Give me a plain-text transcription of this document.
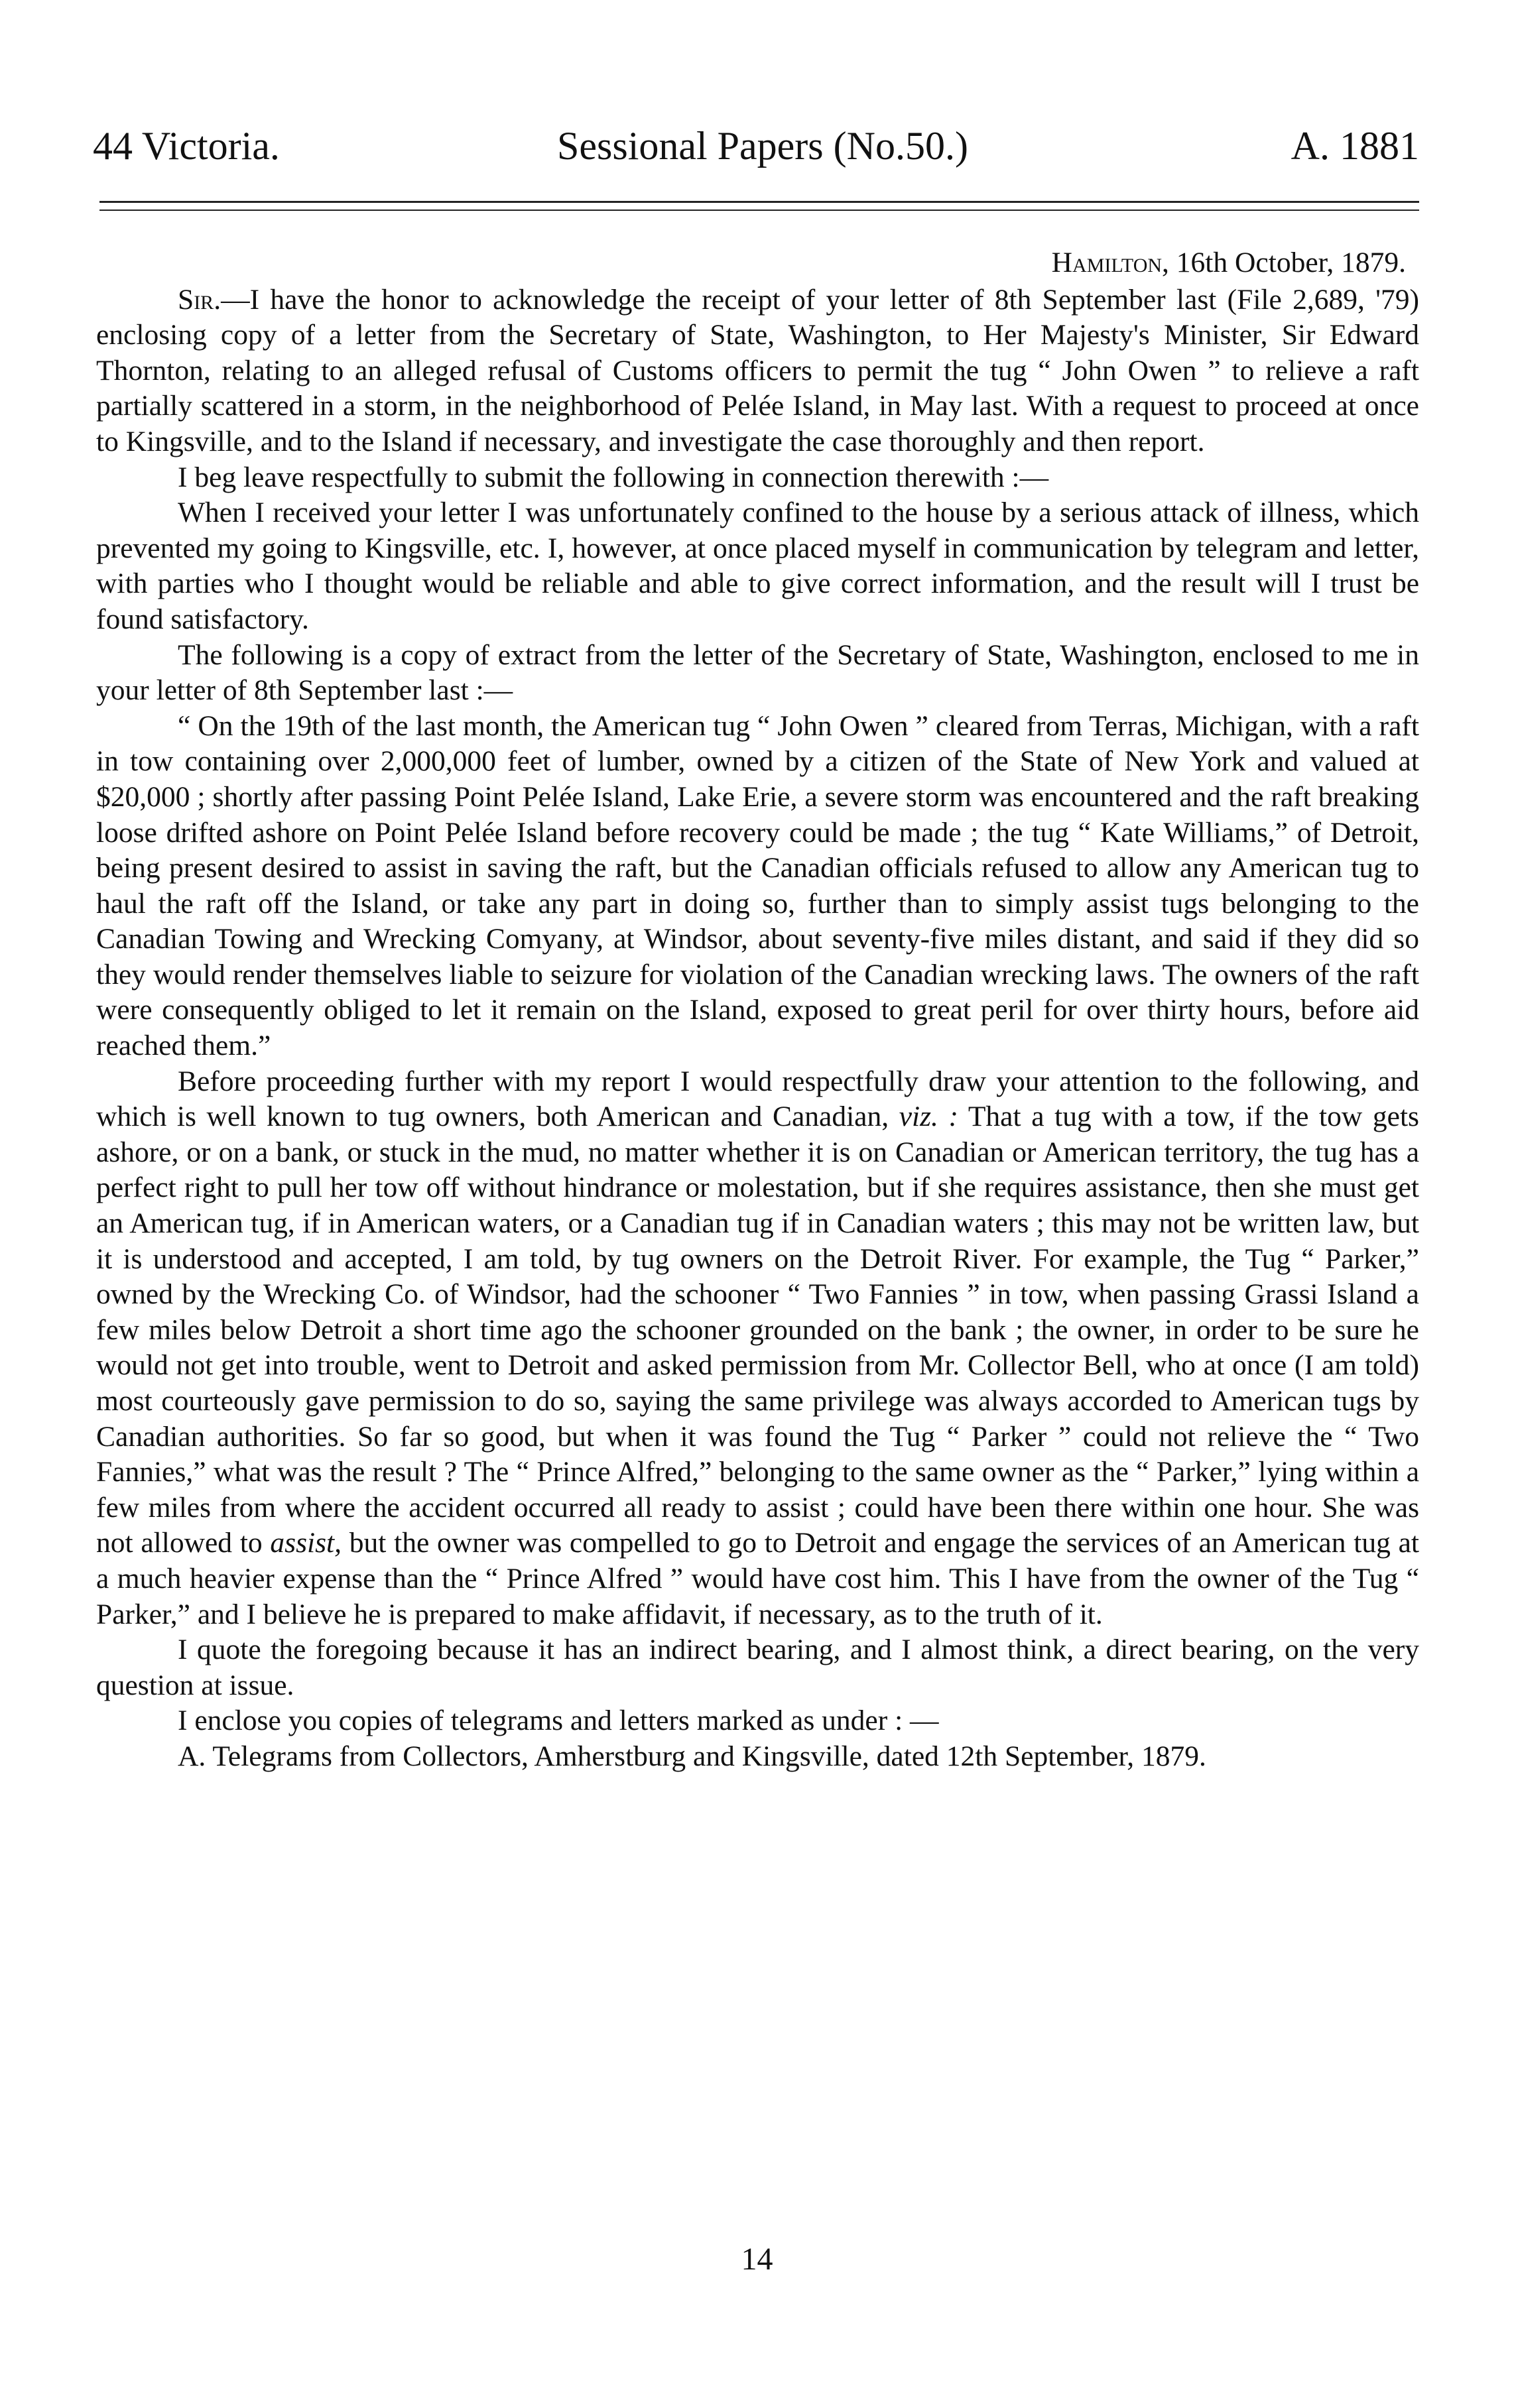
44 Victoria.	Sessional Papers (No.50.)	A. 1881

Hamilton, 16th October, 1879.

Sir.—I have the honor to acknowledge the receipt of your letter of 8th September last (File 2,689, '79) enclosing copy of a letter from the Secretary of State, Washington, to Her Majesty's Minister, Sir Edward Thornton, relating to an alleged refusal of Customs officers to permit the tug “ John Owen ” to relieve a raft partially scattered in a storm, in the neighborhood of Pelée Island, in May last. With a request to proceed at once to Kingsville, and to the Island if necessary, and investigate the case thoroughly and then report.

I beg leave respectfully to submit the following in connection therewith :—

When I received your letter I was unfortunately confined to the house by a serious attack of illness, which prevented my going to Kingsville, etc. I, however, at once placed myself in communication by telegram and letter, with parties who I thought would be reliable and able to give correct information, and the result will I trust be found satisfactory.

The following is a copy of extract from the letter of the Secretary of State, Washington, enclosed to me in your letter of 8th September last :—

“ On the 19th of the last month, the American tug “ John Owen ” cleared from Terras, Michigan, with a raft in tow containing over 2,000,000 feet of lumber, owned by a citizen of the State of New York and valued at $20,000 ; shortly after passing Point Pelée Island, Lake Erie, a severe storm was encountered and the raft breaking loose drifted ashore on Point Pelée Island before recovery could be made ; the tug “ Kate Williams,” of Detroit, being present desired to assist in saving the raft, but the Canadian officials refused to allow any American tug to haul the raft off the Island, or take any part in doing so, further than to simply assist tugs belonging to the Canadian Towing and Wrecking Comyany, at Windsor, about seventy-five miles distant, and said if they did so they would render themselves liable to seizure for violation of the Canadian wrecking laws. The owners of the raft were consequently obliged to let it remain on the Island, exposed to great peril for over thirty hours, before aid reached them.”

Before proceeding further with my report I would respectfully draw your attention to the following, and which is well known to tug owners, both American and Canadian, viz. : That a tug with a tow, if the tow gets ashore, or on a bank, or stuck in the mud, no matter whether it is on Canadian or American territory, the tug has a perfect right to pull her tow off without hindrance or molestation, but if she requires assistance, then she must get an American tug, if in American waters, or a Canadian tug if in Canadian waters ; this may not be written law, but it is understood and accepted, I am told, by tug owners on the Detroit River. For example, the Tug “ Parker,” owned by the Wrecking Co. of Windsor, had the schooner “ Two Fannies ” in tow, when passing Grassi Island a few miles below Detroit a short time ago the schooner grounded on the bank ; the owner, in order to be sure he would not get into trouble, went to Detroit and asked permission from Mr. Collector Bell, who at once (I am told) most courteously gave permission to do so, saying the same privilege was always accorded to American tugs by Canadian authorities. So far so good, but when it was found the Tug “ Parker ” could not relieve the “ Two Fannies,” what was the result ? The “ Prince Alfred,” belonging to the same owner as the “ Parker,” lying within a few miles from where the accident occurred all ready to assist ; could have been there within one hour. She was not allowed to assist, but the owner was compelled to go to Detroit and engage the services of an American tug at a much heavier expense than the “ Prince Alfred ” would have cost him. This I have from the owner of the Tug “ Parker,” and I believe he is prepared to make affidavit, if necessary, as to the truth of it.

I quote the foregoing because it has an indirect bearing, and I almost think, a direct bearing, on the very question at issue.

I enclose you copies of telegrams and letters marked as under : —

A. Telegrams from Collectors, Amherstburg and Kingsville, dated 12th September, 1879.

14
